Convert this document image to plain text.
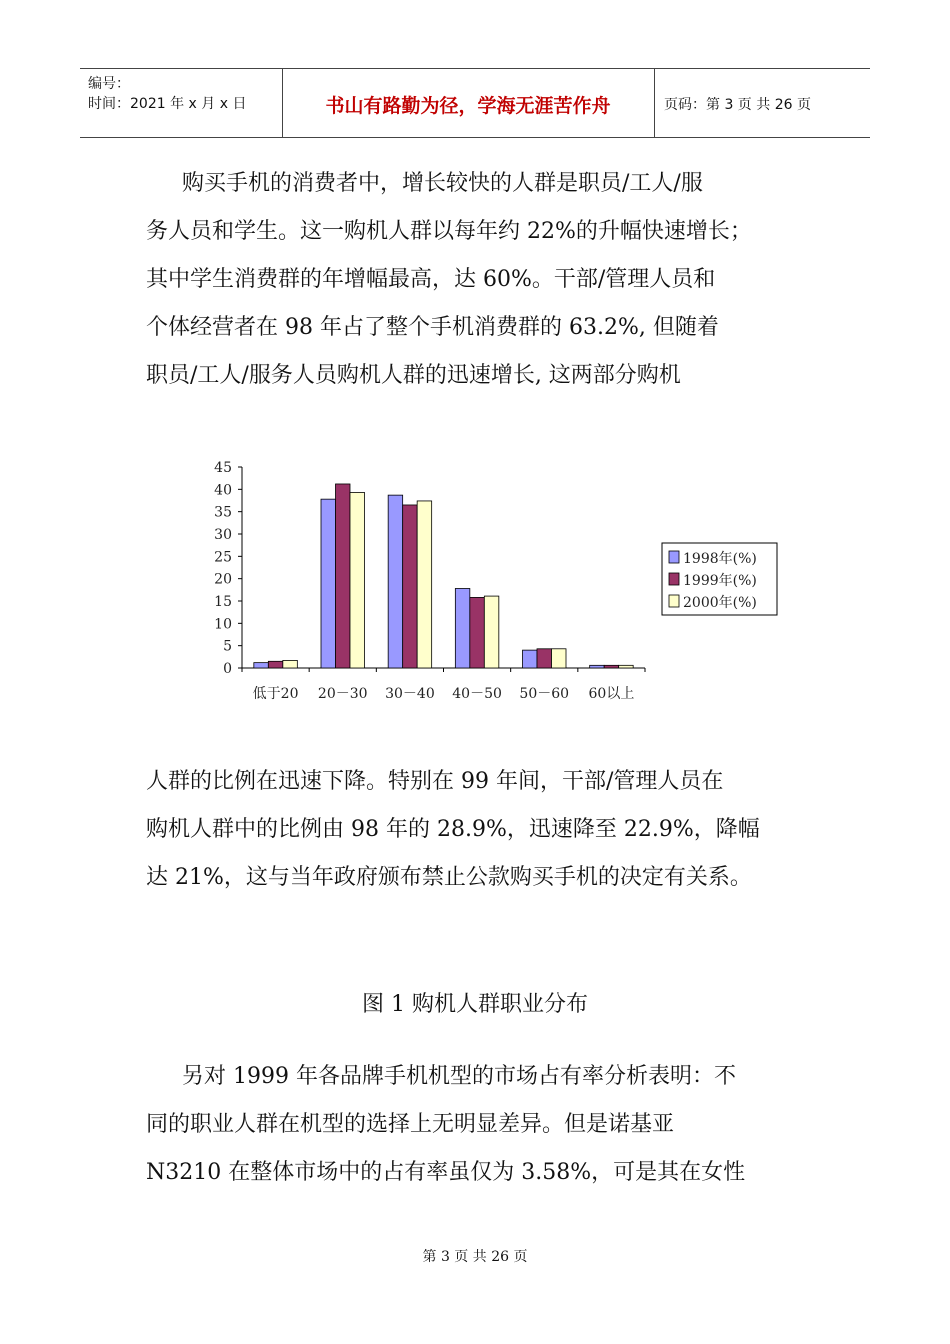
编号：
时间：2021 年 x 月 x 日	书山有路勤为径，学海无涯苦作舟	页码：第 3 页 共 26 页

购买手机的消费者中，增长较快的人群是职员/工人/服
务人员和学生。这一购机人群以每年约 22%的升幅快速增长；
其中学生消费群的年增幅最高，达 60%。干部/管理人员和
个体经营者在 98 年占了整个手机消费群的 63.2%, 但随着
职员/工人/服务人员购机人群的迅速增长, 这两部分购机

0
5
10
15
20
25
30
35
40
45
低于20 20－30 30－40 40－50 50－60 60以上
1998年(%)
1999年(%)
2000年(%)

人群的比例在迅速下降。特别在 99 年间，干部/管理人员在
购机人群中的比例由 98 年的 28.9%，迅速降至 22.9%，降幅
达 21%，这与当年政府颁布禁止公款购买手机的决定有关系。

图 1 购机人群职业分布

另对 1999 年各品牌手机机型的市场占有率分析表明：不
同的职业人群在机型的选择上无明显差异。但是诺基亚
N3210 在整体市场中的占有率虽仅为 3.58%，可是其在女性

第 3 页 共 26 页
